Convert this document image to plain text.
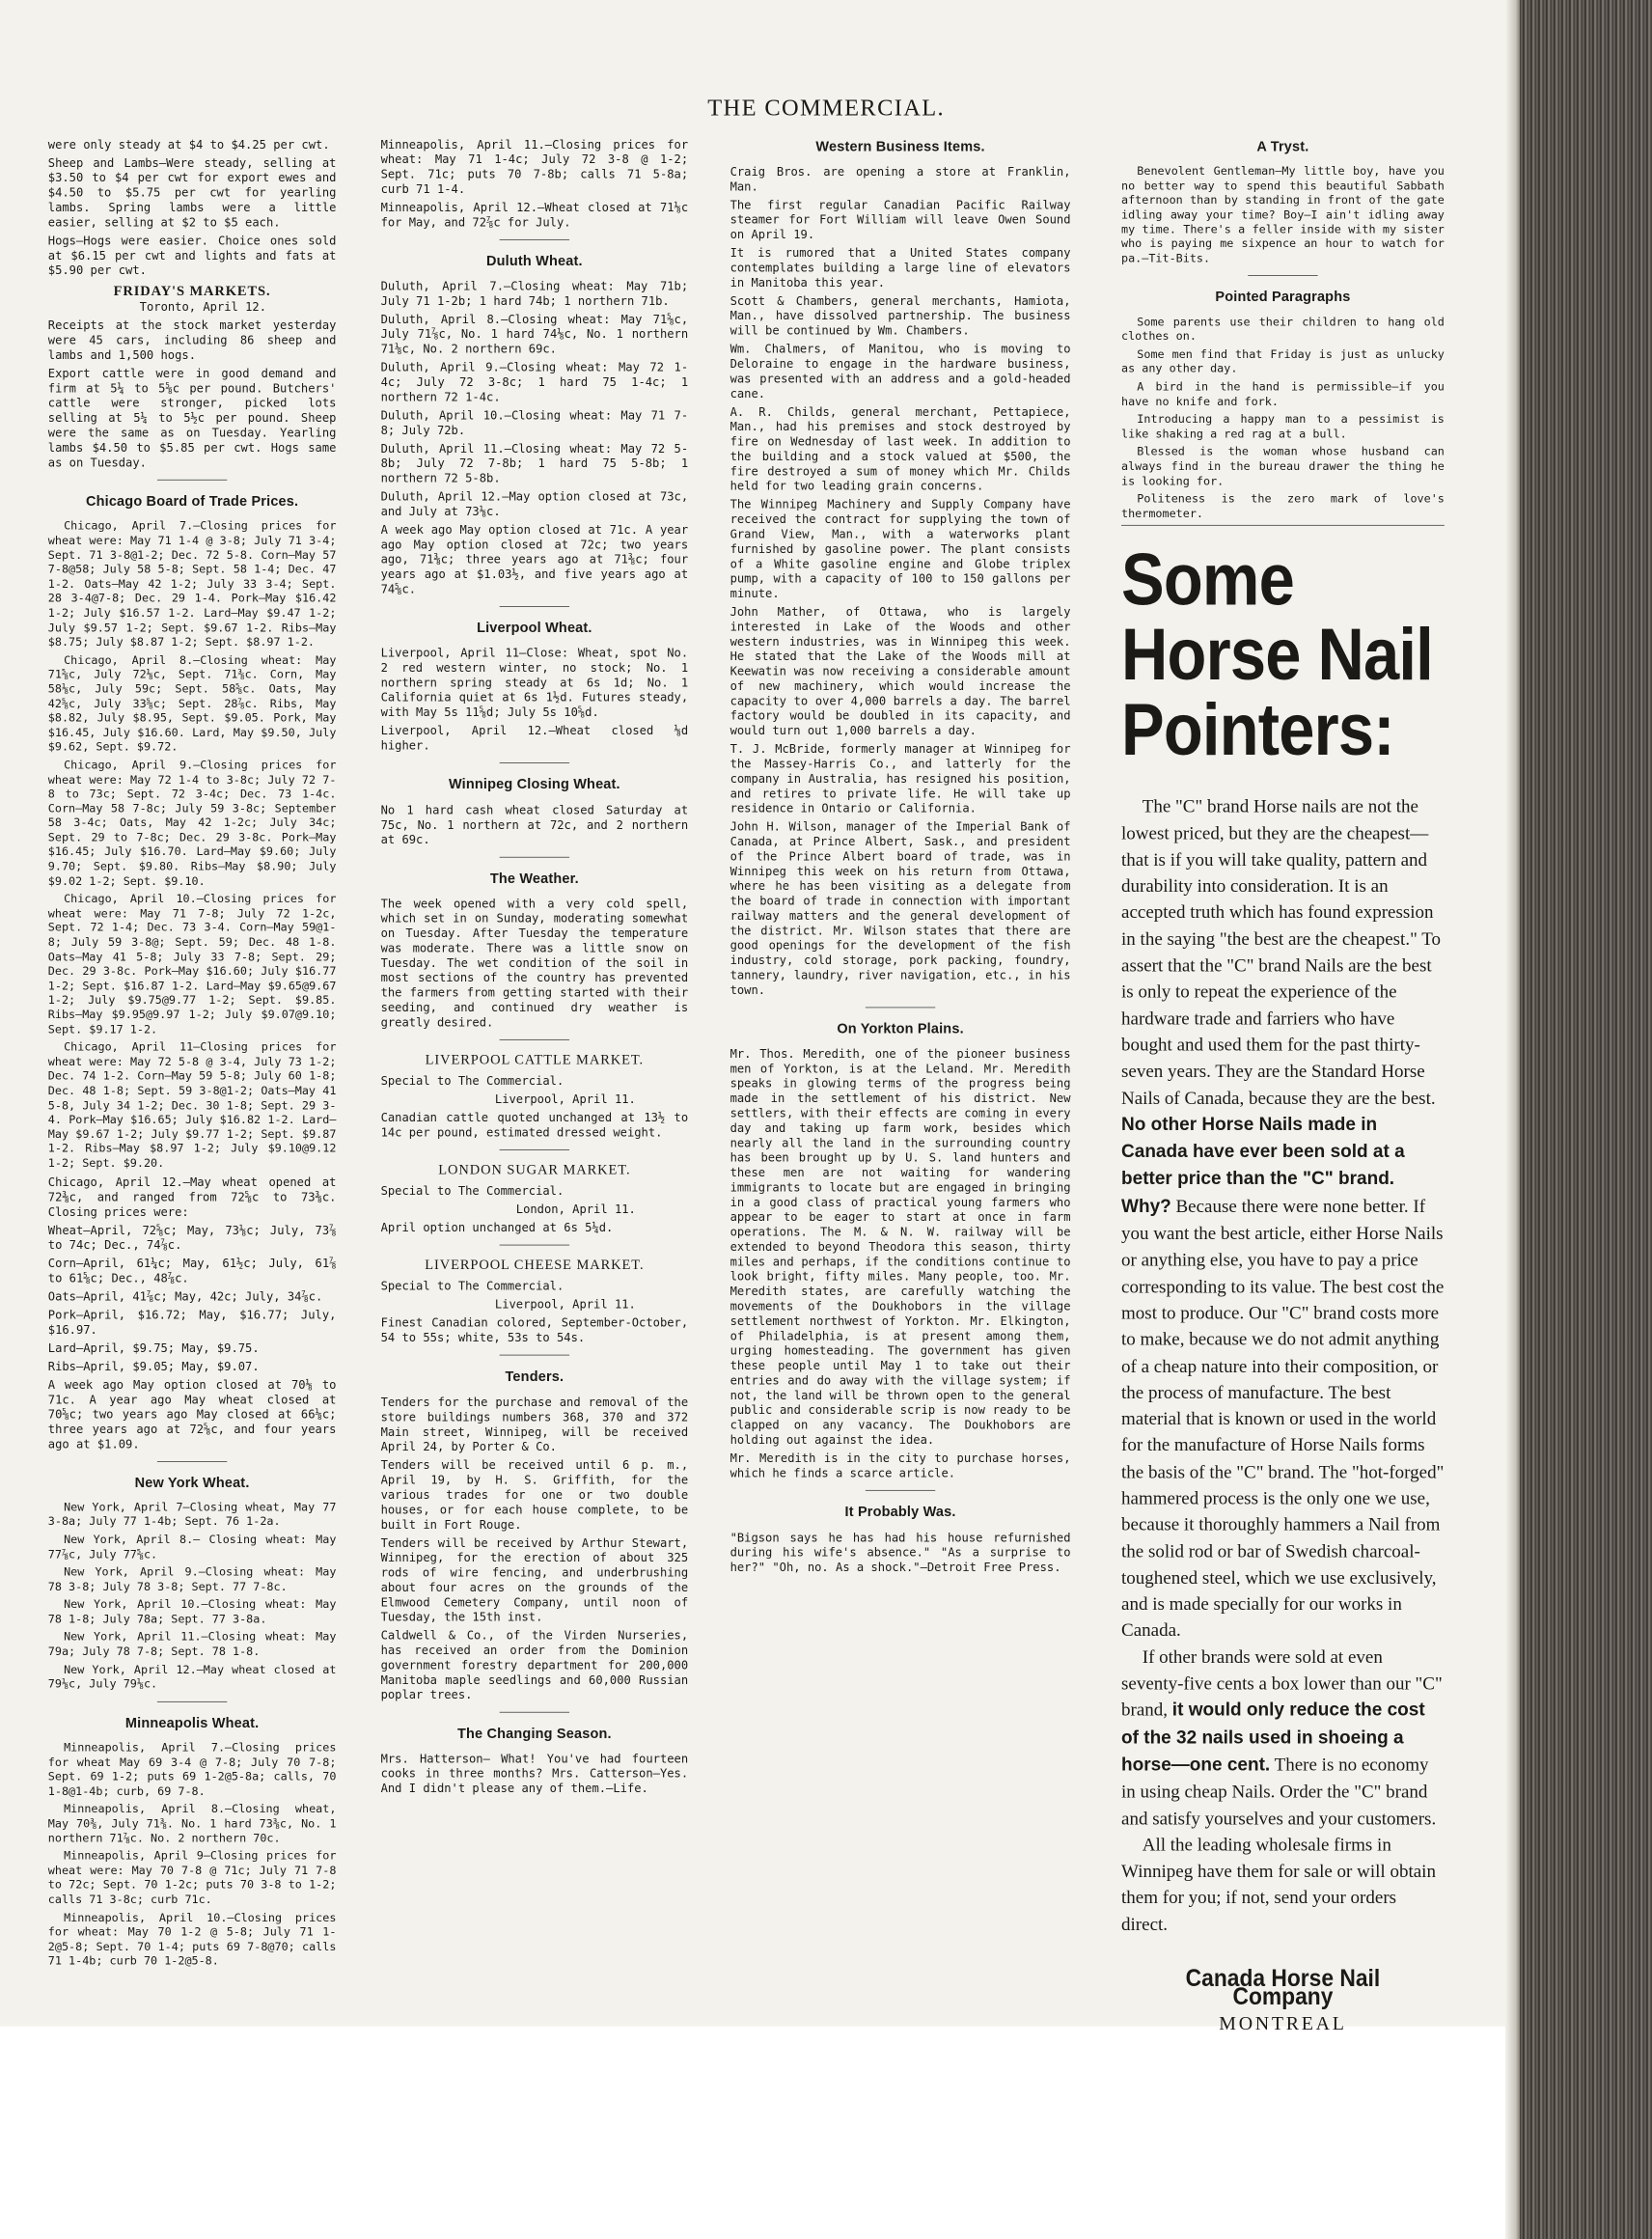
THE COMMERCIAL.

were only steady at $4 to $4.25 per cwt.

Sheep and Lambs—Were steady, selling at $3.50 to $4 per cwt for export ewes and $4.50 to $5.75 per cwt for yearling lambs. Spring lambs were a little easier, selling at $2 to $5 each.

Hogs—Hogs were easier. Choice ones sold at $6.15 per cwt and lights and fats at $5.90 per cwt.

FRIDAY'S MARKETS.

Toronto, April 12.

Receipts at the stock market yesterday were 45 cars, including 86 sheep and lambs and 1,500 hogs.

Export cattle were in good demand and firm at 5¼ to 5⅝c per pound. Butchers' cattle were stronger, picked lots selling at 5¼ to 5½c per pound. Sheep were the same as on Tuesday. Yearling lambs $4.50 to $5.85 per cwt. Hogs same as on Tuesday.

Chicago Board of Trade Prices.

Chicago, April 7.—Closing prices for wheat were: May 71 1-4 @ 3-8; July 71 3-4; Sept. 71 3-8@1-2; Dec. 72 5-8. Corn—May 57 7-8@58; July 58 5-8; Sept. 58 1-4; Dec. 47 1-2. Oats—May 42 1-2; July 33 3-4; Sept. 28 3-4@7-8; Dec. 29 1-4. Pork—May $16.42 1-2; July $16.57 1-2. Lard—May $9.47 1-2; July $9.57 1-2; Sept. $9.67 1-2. Ribs—May $8.75; July $8.87 1-2; Sept. $8.97 1-2.

Chicago, April 8.—Closing wheat: May 71⅝c, July 72⅛c, Sept. 71⅜c. Corn, May 58⅛c, July 59c; Sept. 58⅝c. Oats, May 42⅝c, July 33⅝c; Sept. 28⅞c. Ribs, May $8.82, July $8.95, Sept. $9.05. Pork, May $16.45, July $16.60. Lard, May $9.50, July $9.62, Sept. $9.72.

Chicago, April 9.—Closing prices for wheat were: May 72 1-4 to 3-8c; July 72 7-8 to 73c; Sept. 72 3-4c; Dec. 73 1-4c. Corn—May 58 7-8c; July 59 3-8c; September 58 3-4c; Oats, May 42 1-2c; July 34c; Sept. 29 to 7-8c; Dec. 29 3-8c. Pork—May $16.45; July $16.70. Lard—May $9.60; July 9.70; Sept. $9.80. Ribs—May $8.90; July $9.02 1-2; Sept. $9.10.

Chicago, April 10.—Closing prices for wheat were: May 71 7-8; July 72 1-2c, Sept. 72 1-4; Dec. 73 3-4. Corn—May 59@1-8; July 59 3-8@; Sept. 59; Dec. 48 1-8. Oats—May 41 5-8; July 33 7-8; Sept. 29; Dec. 29 3-8c. Pork—May $16.60; July $16.77 1-2; Sept. $16.87 1-2. Lard—May $9.65@9.67 1-2; July $9.75@9.77 1-2; Sept. $9.85. Ribs—May $9.95@9.97 1-2; July $9.07@9.10; Sept. $9.17 1-2.

Chicago, April 11—Closing prices for wheat were: May 72 5-8 @ 3-4, July 73 1-2; Dec. 74 1-2. Corn—May 59 5-8; July 60 1-8; Dec. 48 1-8; Sept. 59 3-8@1-2; Oats—May 41 5-8, July 34 1-2; Dec. 30 1-8; Sept. 29 3-4. Pork—May $16.65; July $16.82 1-2. Lard—May $9.67 1-2; July $9.77 1-2; Sept. $9.87 1-2. Ribs—May $8.97 1-2; July $9.10@9.12 1-2; Sept. $9.20.

Chicago, April 12.—May wheat opened at 72⅜c, and ranged from 72⅝c to 73⅜c. Closing prices were:

Wheat—April, 72⅝c; May, 73⅛c; July, 73⅞ to 74c; Dec., 74⅞c.

Corn—April, 61¼c; May, 61½c; July, 61⅞ to 61⅝c; Dec., 48⅞c.

Oats—April, 41⅞c; May, 42c; July, 34⅞c.

Pork—April, $16.72; May, $16.77; July, $16.97.

Lard—April, $9.75; May, $9.75.

Ribs—April, $9.05; May, $9.07.

A week ago May option closed at 70⅛ to 71c. A year ago May wheat closed at 70⅝c; two years ago May closed at 66⅛c; three years ago at 72⅝c, and four years ago at $1.09.

New York Wheat.

New York, April 7—Closing wheat, May 77 3-8a; July 77 1-4b; Sept. 76 1-2a.

New York, April 8.— Closing wheat: May 77⅞c, July 77⅝c.

New York, April 9.—Closing wheat: May 78 3-8; July 78 3-8; Sept. 77 7-8c.

New York, April 10.—Closing wheat: May 78 1-8; July 78a; Sept. 77 3-8a.

New York, April 11.—Closing wheat: May 79a; July 78 7-8; Sept. 78 1-8.

New York, April 12.—May wheat closed at 79⅛c, July 79⅛c.

Minneapolis Wheat.

Minneapolis, April 7.—Closing prices for wheat May 69 3-4 @ 7-8; July 70 7-8; Sept. 69 1-2; puts 69 1-2@5-8a; calls, 70 1-8@1-4b; curb, 69 7-8.

Minneapolis, April 8.—Closing wheat, May 70⅜, July 71⅜. No. 1 hard 73⅜c, No. 1 northern 71⅞c. No. 2 northern 70c.

Minneapolis, April 9—Closing prices for wheat were: May 70 7-8 @ 71c; July 71 7-8 to 72c; Sept. 70 1-2c; puts 70 3-8 to 1-2; calls 71 3-8c; curb 71c.

Minneapolis, April 10.—Closing prices for wheat: May 70 1-2 @ 5-8; July 71 1-2@5-8; Sept. 70 1-4; puts 69 7-8@70; calls 71 1-4b; curb 70 1-2@5-8.

Minneapolis, April 11.—Closing prices for wheat: May 71 1-4c; July 72 3-8 @ 1-2; Sept. 71c; puts 70 7-8b; calls 71 5-8a; curb 71 1-4.

Minneapolis, April 12.—Wheat closed at 71⅛c for May, and 72⅞c for July.

Duluth Wheat.

Duluth, April 7.—Closing wheat: May 71b; July 71 1-2b; 1 hard 74b; 1 northern 71b.

Duluth, April 8.—Closing wheat: May 71⅝c, July 71⅞c, No. 1 hard 74⅛c, No. 1 northern 71⅛c, No. 2 northern 69c.

Duluth, April 9.—Closing wheat: May 72 1-4c; July 72 3-8c; 1 hard 75 1-4c; 1 northern 72 1-4c.

Duluth, April 10.—Closing wheat: May 71 7-8; July 72b.

Duluth, April 11.—Closing wheat: May 72 5-8b; July 72 7-8b; 1 hard 75 5-8b; 1 northern 72 5-8b.

Duluth, April 12.—May option closed at 73c, and July at 73⅛c.

A week ago May option closed at 71c. A year ago May option closed at 72c; two years ago, 71⅜c; three years ago at 71⅜c; four years ago at $1.03½, and five years ago at 74⅝c.

Liverpool Wheat.

Liverpool, April 11—Close: Wheat, spot No. 2 red western winter, no stock; No. 1 northern spring steady at 6s 1d; No. 1 California quiet at 6s 1½d. Futures steady, with May 5s 11⅝d; July 5s 10⅝d.

Liverpool, April 12.—Wheat closed ⅛d higher.

Winnipeg Closing Wheat.

No 1 hard cash wheat closed Saturday at 75c, No. 1 northern at 72c, and 2 northern at 69c.

The Weather.

The week opened with a very cold spell, which set in on Sunday, moderating somewhat on Tuesday. After Tuesday the temperature was moderate. There was a little snow on Tuesday. The wet condition of the soil in most sections of the country has prevented the farmers from getting started with their seeding, and continued dry weather is greatly desired.

LIVERPOOL CATTLE MARKET.

Special to The Commercial.

Liverpool, April 11.

Canadian cattle quoted unchanged at 13½ to 14c per pound, estimated dressed weight.

LONDON SUGAR MARKET.

Special to The Commercial.

London, April 11.

April option unchanged at 6s 5¼d.

LIVERPOOL CHEESE MARKET.

Special to The Commercial.

Liverpool, April 11.

Finest Canadian colored, September-October, 54 to 55s; white, 53s to 54s.

Tenders.

Tenders for the purchase and removal of the store buildings numbers 368, 370 and 372 Main street, Winnipeg, will be received April 24, by Porter & Co.

Tenders will be received until 6 p. m., April 19, by H. S. Griffith, for the various trades for one or two double houses, or for each house complete, to be built in Fort Rouge.

Tenders will be received by Arthur Stewart, Winnipeg, for the erection of about 325 rods of wire fencing, and underbrushing about four acres on the grounds of the Elmwood Cemetery Company, until noon of Tuesday, the 15th inst.

Caldwell & Co., of the Virden Nurseries, has received an order from the Dominion government forestry department for 200,000 Manitoba maple seedlings and 60,000 Russian poplar trees.

The Changing Season.

Mrs. Hatterson— What! You've had fourteen cooks in three months? Mrs. Catterson—Yes. And I didn't please any of them.—Life.

Western Business Items.

Craig Bros. are opening a store at Franklin, Man.

The first regular Canadian Pacific Railway steamer for Fort William will leave Owen Sound on April 19.

It is rumored that a United States company contemplates building a large line of elevators in Manitoba this year.

Scott & Chambers, general merchants, Hamiota, Man., have dissolved partnership. The business will be continued by Wm. Chambers.

Wm. Chalmers, of Manitou, who is moving to Deloraine to engage in the hardware business, was presented with an address and a gold-headed cane.

A. R. Childs, general merchant, Pettapiece, Man., had his premises and stock destroyed by fire on Wednesday of last week. In addition to the building and a stock valued at $500, the fire destroyed a sum of money which Mr. Childs held for two leading grain concerns.

The Winnipeg Machinery and Supply Company have received the contract for supplying the town of Grand View, Man., with a waterworks plant furnished by gasoline power. The plant consists of a White gasoline engine and Globe triplex pump, with a capacity of 100 to 150 gallons per minute.

John Mather, of Ottawa, who is largely interested in Lake of the Woods and other western industries, was in Winnipeg this week. He stated that the Lake of the Woods mill at Keewatin was now receiving a considerable amount of new machinery, which would increase the capacity to over 4,000 barrels a day. The barrel factory would be doubled in its capacity, and would turn out 1,000 barrels a day.

T. J. McBride, formerly manager at Winnipeg for the Massey-Harris Co., and latterly for the company in Australia, has resigned his position, and retires to private life. He will take up residence in Ontario or California.

John H. Wilson, manager of the Imperial Bank of Canada, at Prince Albert, Sask., and president of the Prince Albert board of trade, was in Winnipeg this week on his return from Ottawa, where he has been visiting as a delegate from the board of trade in connection with important railway matters and the general development of the district. Mr. Wilson states that there are good openings for the development of the fish industry, cold storage, pork packing, foundry, tannery, laundry, river navigation, etc., in his town.

On Yorkton Plains.

Mr. Thos. Meredith, one of the pioneer business men of Yorkton, is at the Leland. Mr. Meredith speaks in glowing terms of the progress being made in the settlement of his district. New settlers, with their effects are coming in every day and taking up farm work, besides which nearly all the land in the surrounding country has been brought up by U. S. land hunters and these men are not waiting for wandering immigrants to locate but are engaged in bringing in a good class of practical young farmers who appear to be eager to start at once in farm operations. The M. & N. W. railway will be extended to beyond Theodora this season, thirty miles and perhaps, if the conditions continue to look bright, fifty miles. Many people, too. Mr. Meredith states, are carefully watching the movements of the Doukhobors in the village settlement northwest of Yorkton. Mr. Elkington, of Philadelphia, is at present among them, urging homesteading. The government has given these people until May 1 to take out their entries and do away with the village system; if not, the land will be thrown open to the general public and considerable scrip is now ready to be clapped on any vacancy. The Doukhobors are holding out against the idea.

Mr. Meredith is in the city to purchase horses, which he finds a scarce article.

It Probably Was.

"Bigson says he has had his house refurnished during his wife's absence." "As a surprise to her?" "Oh, no. As a shock."—Detroit Free Press.

A Tryst.

Benevolent Gentleman—My little boy, have you no better way to spend this beautiful Sabbath afternoon than by standing in front of the gate idling away your time? Boy—I ain't idling away my time. There's a feller inside with my sister who is paying me sixpence an hour to watch for pa.—Tit-Bits.

Pointed Paragraphs

Some parents use their children to hang old clothes on.

Some men find that Friday is just as unlucky as any other day.

A bird in the hand is permissible—if you have no knife and fork.

Introducing a happy man to a pessimist is like shaking a red rag at a bull.

Blessed is the woman whose husband can always find in the bureau drawer the thing he is looking for.

Politeness is the zero mark of love's thermometer.

Some
Horse Nail
Pointers:

The "C" brand Horse nails are not the lowest priced, but they are the cheapest—that is if you will take quality, pattern and durability into consideration. It is an accepted truth which has found expression in the saying "the best are the cheapest." To assert that the "C" brand Nails are the best is only to repeat the experience of the hardware trade and farriers who have bought and used them for the past thirty-seven years. They are the Standard Horse Nails of Canada, because they are the best. No other Horse Nails made in Canada have ever been sold at a better price than the "C" brand. Why? Because there were none better. If you want the best article, either Horse Nails or anything else, you have to pay a price corresponding to its value. The best cost the most to produce. Our "C" brand costs more to make, because we do not admit anything of a cheap nature into their composition, or the process of manufacture. The best material that is known or used in the world for the manufacture of Horse Nails forms the basis of the "C" brand. The "hot-forged" hammered process is the only one we use, because it thoroughly hammers a Nail from the solid rod or bar of Swedish charcoal-toughened steel, which we use exclusively, and is made specially for our works in Canada.

If other brands were sold at even seventy-five cents a box lower than our "C" brand, it would only reduce the cost of the 32 nails used in shoeing a horse—one cent. There is no economy in using cheap Nails. Order the "C" brand and satisfy yourselves and your customers.

All the leading wholesale firms in Winnipeg have them for sale or will obtain them for you; if not, send your orders direct.

Canada Horse Nail Company
MONTREAL
